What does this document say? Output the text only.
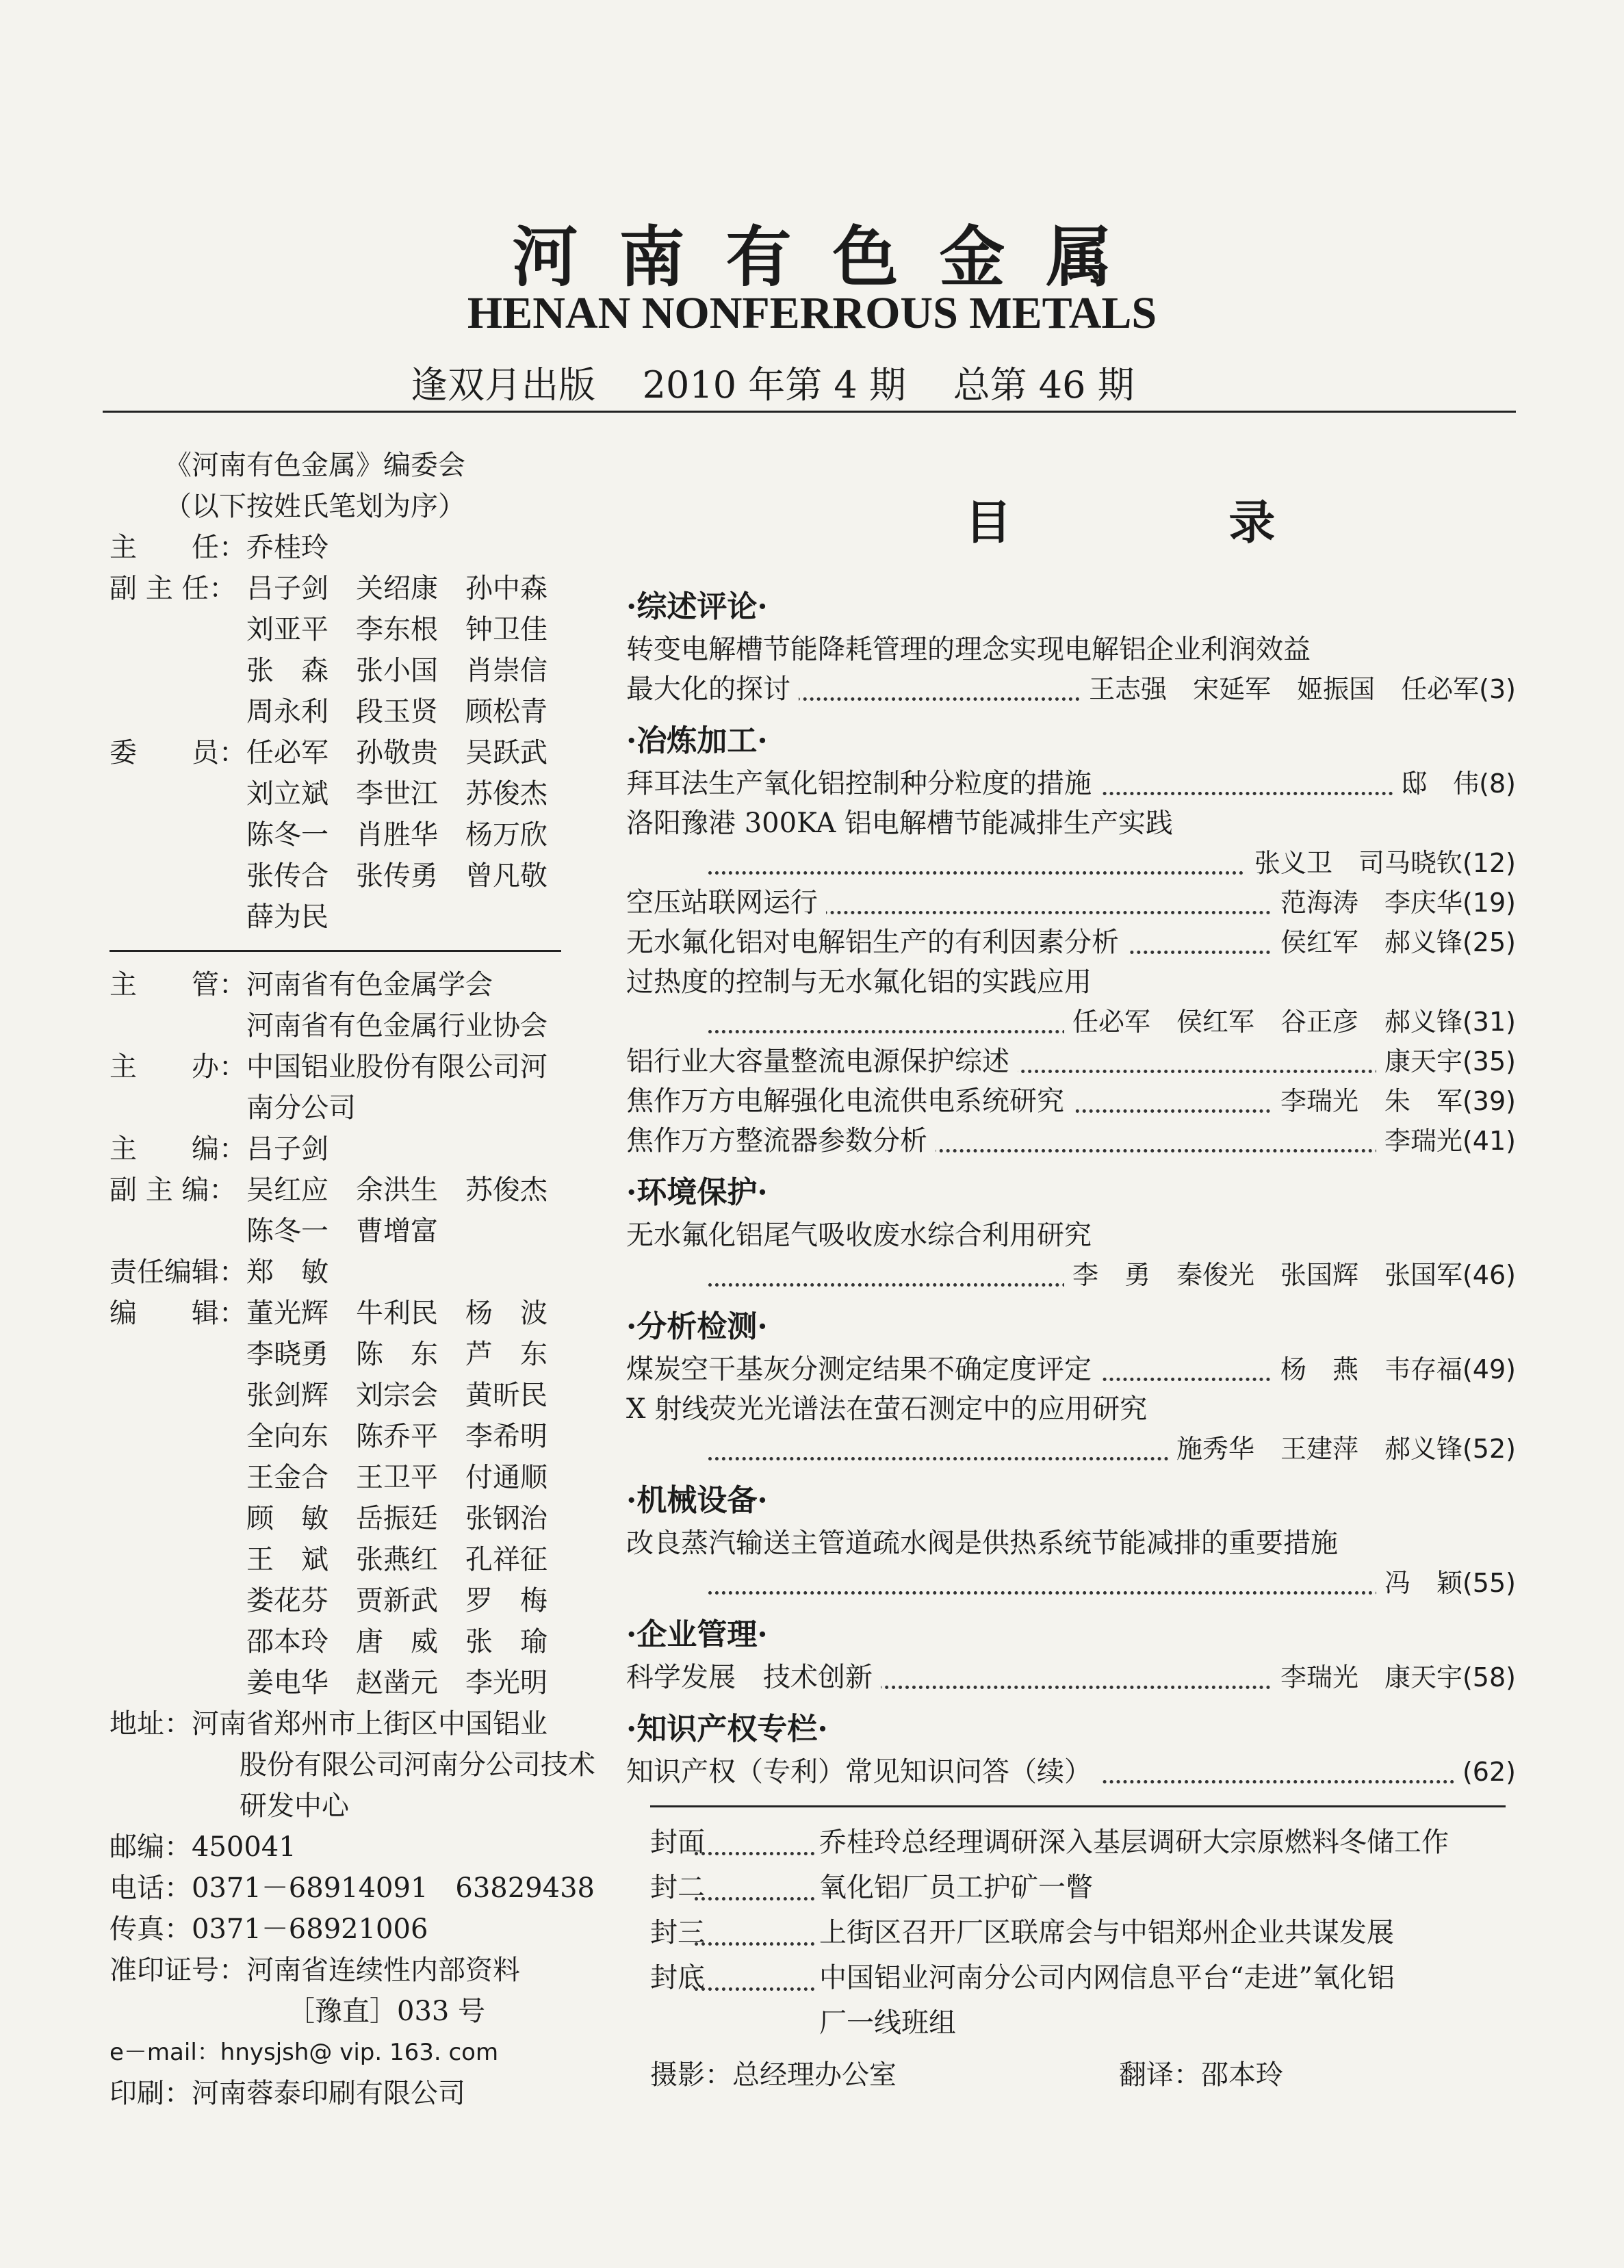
河南有色金属
HENAN NONFERROUS METALS
逢双月出版    2010 年第 4 期    总第 46 期
目  录
《河南有色金属》编委会
（以下按姓氏笔划为序）
主　　任： 乔桂玲
副 主 任： 吕子剑 关绍康 孙中森
刘亚平 李东根 钟卫佳
张　森 张小国 肖崇信
周永利 段玉贤 顾松青
委　　员： 任必军 孙敬贵 吴跃武
刘立斌 李世江 苏俊杰
陈冬一 肖胜华 杨万欣
张传合 张传勇 曾凡敬
薛为民
主　　管： 河南省有色金属学会
河南省有色金属行业协会
主　　办： 中国铝业股份有限公司河
南分公司
主　　编： 吕子剑
副 主 编： 吴红应 余洪生 苏俊杰
陈冬一 曹增富
责任编辑： 郑　敏
编　　辑： 董光辉 牛利民 杨　波
李晓勇 陈　东 芦　东
张剑辉 刘宗会 黄昕民
全向东 陈乔平 李希明
王金合 王卫平 付通顺
顾　敏 岳振廷 张钢治
王　斌 张燕红 孔祥征
娄花芬 贾新武 罗　梅
邵本玲 唐　威 张　瑜
姜电华 赵凿元 李光明
地址：河南省郑州市上街区中国铝业
股份有限公司河南分公司技术
研发中心
邮编：450041
电话：0371－68914091　63829438
传真：0371－68921006
准印证号：河南省连续性内部资料
［豫直］033 号
e－mail：hnysjsh@ vip. 163. com
印刷：河南蓉泰印刷有限公司
·综述评论·
转变电解槽节能降耗管理的理念实现电解铝企业利润效益
最大化的探讨	王志强　宋延军　姬振国　任必军(3)
·冶炼加工·
拜耳法生产氧化铝控制种分粒度的措施	邸　伟(8)
洛阳豫港 300KA 铝电解槽节能减排生产实践
张义卫　司马晓钦(12)
空压站联网运行	范海涛　李庆华(19)
无水氟化铝对电解铝生产的有利因素分析	侯红军　郝义锋(25)
过热度的控制与无水氟化铝的实践应用
任必军　侯红军　谷正彦　郝义锋(31)
铝行业大容量整流电源保护综述	康天宇(35)
焦作万方电解强化电流供电系统研究	李瑞光　朱　军(39)
焦作万方整流器参数分析	李瑞光(41)
·环境保护·
无水氟化铝尾气吸收废水综合利用研究
李　勇　秦俊光　张国辉　张国军(46)
·分析检测·
煤炭空干基灰分测定结果不确定度评定	杨　燕　韦存福(49)
X 射线荧光光谱法在萤石测定中的应用研究
施秀华　王建萍　郝义锋(52)
·机械设备·
改良蒸汽输送主管道疏水阀是供热系统节能减排的重要措施
冯　颖(55)
·企业管理·
科学发展　技术创新	李瑞光　康天宇(58)
·知识产权专栏·
知识产权（专利）常见知识问答（续）	(62)
封面	乔桂玲总经理调研深入基层调研大宗原燃料冬储工作
封二	氧化铝厂员工护矿一瞥
封三	上街区召开厂区联席会与中铝郑州企业共谋发展
封底	中国铝业河南分公司内网信息平台“走进”氧化铝
厂一线班组
摄影：总经理办公室	翻译：邵本玲
